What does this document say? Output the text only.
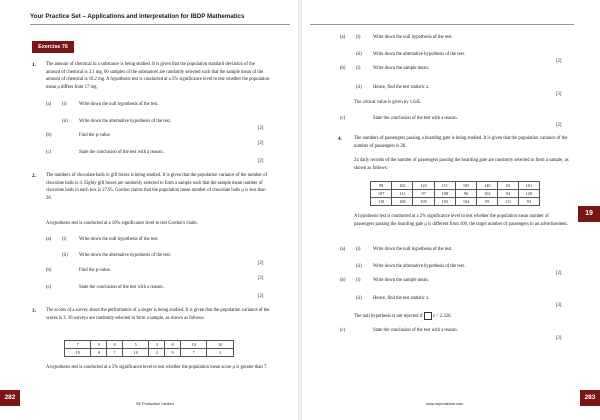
Your Practice Set – Applications and Interpretation for IBDP Mathematics
Exercise 76
1. The amount of chemical in a substance is being studied. It is given that the population standard deviation of the amount of chemical is 3.1 mg. 60 samples of the substances are randomly selected such that the sample mean of the amount of chemical is 16.2 mg. A hypothesis test is conducted at a 5% significance level to test whether the population mean μ differs from 17 mg.
(a) (i)	Write down the null hypothesis of the test.
(ii) Write down the alternative hypothesis of the test.
[2]
(b)	Find the p-value.
[2]
(c)	State the conclusion of the test with a reason.
[2]
2. The numbers of chocolate balls in gift boxes is being studied. It is given that the population variance of the number of chocolate balls is 4. Eighty gift boxes are randomly selected to form a sample such that the sample mean number of chocolate balls in each box is 27.95. Gordon claims that the population mean number of chocolate balls μ is less than 28.
A hypothesis test is conducted at a 10% significance level to test Gordon's claim.
(a) (i)	Write down the null hypothesis of the test.
(ii) Write down the alternative hypothesis of the test.
[2]
(b)	Find the p-value.
[2]
(c)	State the conclusion of the test with a reason.
[2]
3. The scores of a survey about the performance of a singer is being studied. It is given that the population variance of the scores is 3. 16 surveys are randomly selected to form a sample, as shown as follows:
7	9	8	5	3	8	10	10
10	8	7	10	4	9	7	2
A hypothesis test is conducted at a 5% significance level to test whether the population mean score μ is greater than 7.
282
SE Production Limited
(a) (i)	Write down the null hypothesis of the test.
(ii) Write down the alternative hypothesis of the test.
[2]
(b) (i)	Write down the sample mean.
(ii) Hence, find the test statistic z.
[3]
The critical value is given by 1.645.
(c)	State the conclusion of the test with a reason.
[2]
4.	The numbers of passengers passing a boarding gate is being studied. It is given that the population variance of the number of passengers is 28.
24 daily records of the number of passengers passing the boarding gate are randomly selected to form a sample, as shown as follows:
98	102	122	111	105	140	93	101
107	111	97	108	96	102	94	120
118	108	105	103	104	95	111	93
A hypothesis test is conducted at a 2% significance level to test whether the population mean number of passengers passing the boarding gate μ is different from 100, the target number of passengers in an advertisement.
(a) (i)	Write down the null hypothesis of the test.
(ii) Write down the alternative hypothesis of the test.
[2]
(b) (i)	Write down the sample mean.
(ii) Hence, find the test statistic z.
[3]
The null hypothesis is not rejected if z < 2.326.
(c)	State the conclusion of the test with a reason.
[2]
19
283
www.seprodstore.com
